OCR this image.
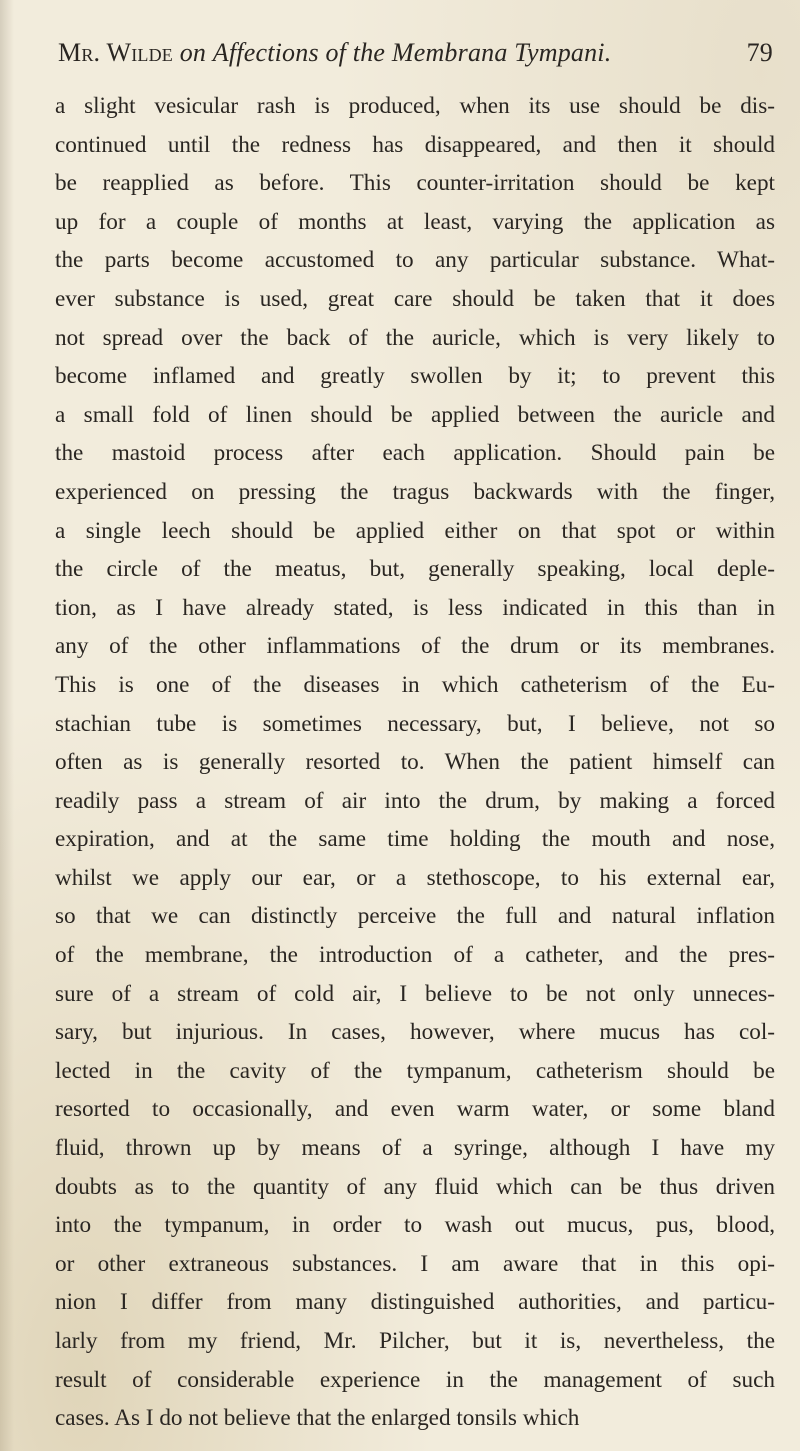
Mr. Wilde on Affections of the Membrana Tympani.	79
a slight vesicular rash is produced, when its use should be dis-
continued until the redness has disappeared, and then it should
be reapplied as before. This counter-irritation should be kept
up for a couple of months at least, varying the application as
the parts become accustomed to any particular substance. What-
ever substance is used, great care should be taken that it does
not spread over the back of the auricle, which is very likely to
become inflamed and greatly swollen by it; to prevent this
a small fold of linen should be applied between the auricle and
the mastoid process after each application. Should pain be
experienced on pressing the tragus backwards with the finger,
a single leech should be applied either on that spot or within
the circle of the meatus, but, generally speaking, local deple-
tion, as I have already stated, is less indicated in this than in
any of the other inflammations of the drum or its membranes.
This is one of the diseases in which catheterism of the Eu-
stachian tube is sometimes necessary, but, I believe, not so
often as is generally resorted to. When the patient himself can
readily pass a stream of air into the drum, by making a forced
expiration, and at the same time holding the mouth and nose,
whilst we apply our ear, or a stethoscope, to his external ear,
so that we can distinctly perceive the full and natural inflation
of the membrane, the introduction of a catheter, and the pres-
sure of a stream of cold air, I believe to be not only unneces-
sary, but injurious. In cases, however, where mucus has col-
lected in the cavity of the tympanum, catheterism should be
resorted to occasionally, and even warm water, or some bland
fluid, thrown up by means of a syringe, although I have my
doubts as to the quantity of any fluid which can be thus driven
into the tympanum, in order to wash out mucus, pus, blood,
or other extraneous substances. I am aware that in this opi-
nion I differ from many distinguished authorities, and particu-
larly from my friend, Mr. Pilcher, but it is, nevertheless, the
result of considerable experience in the management of such
cases. As I do not believe that the enlarged tonsils which
